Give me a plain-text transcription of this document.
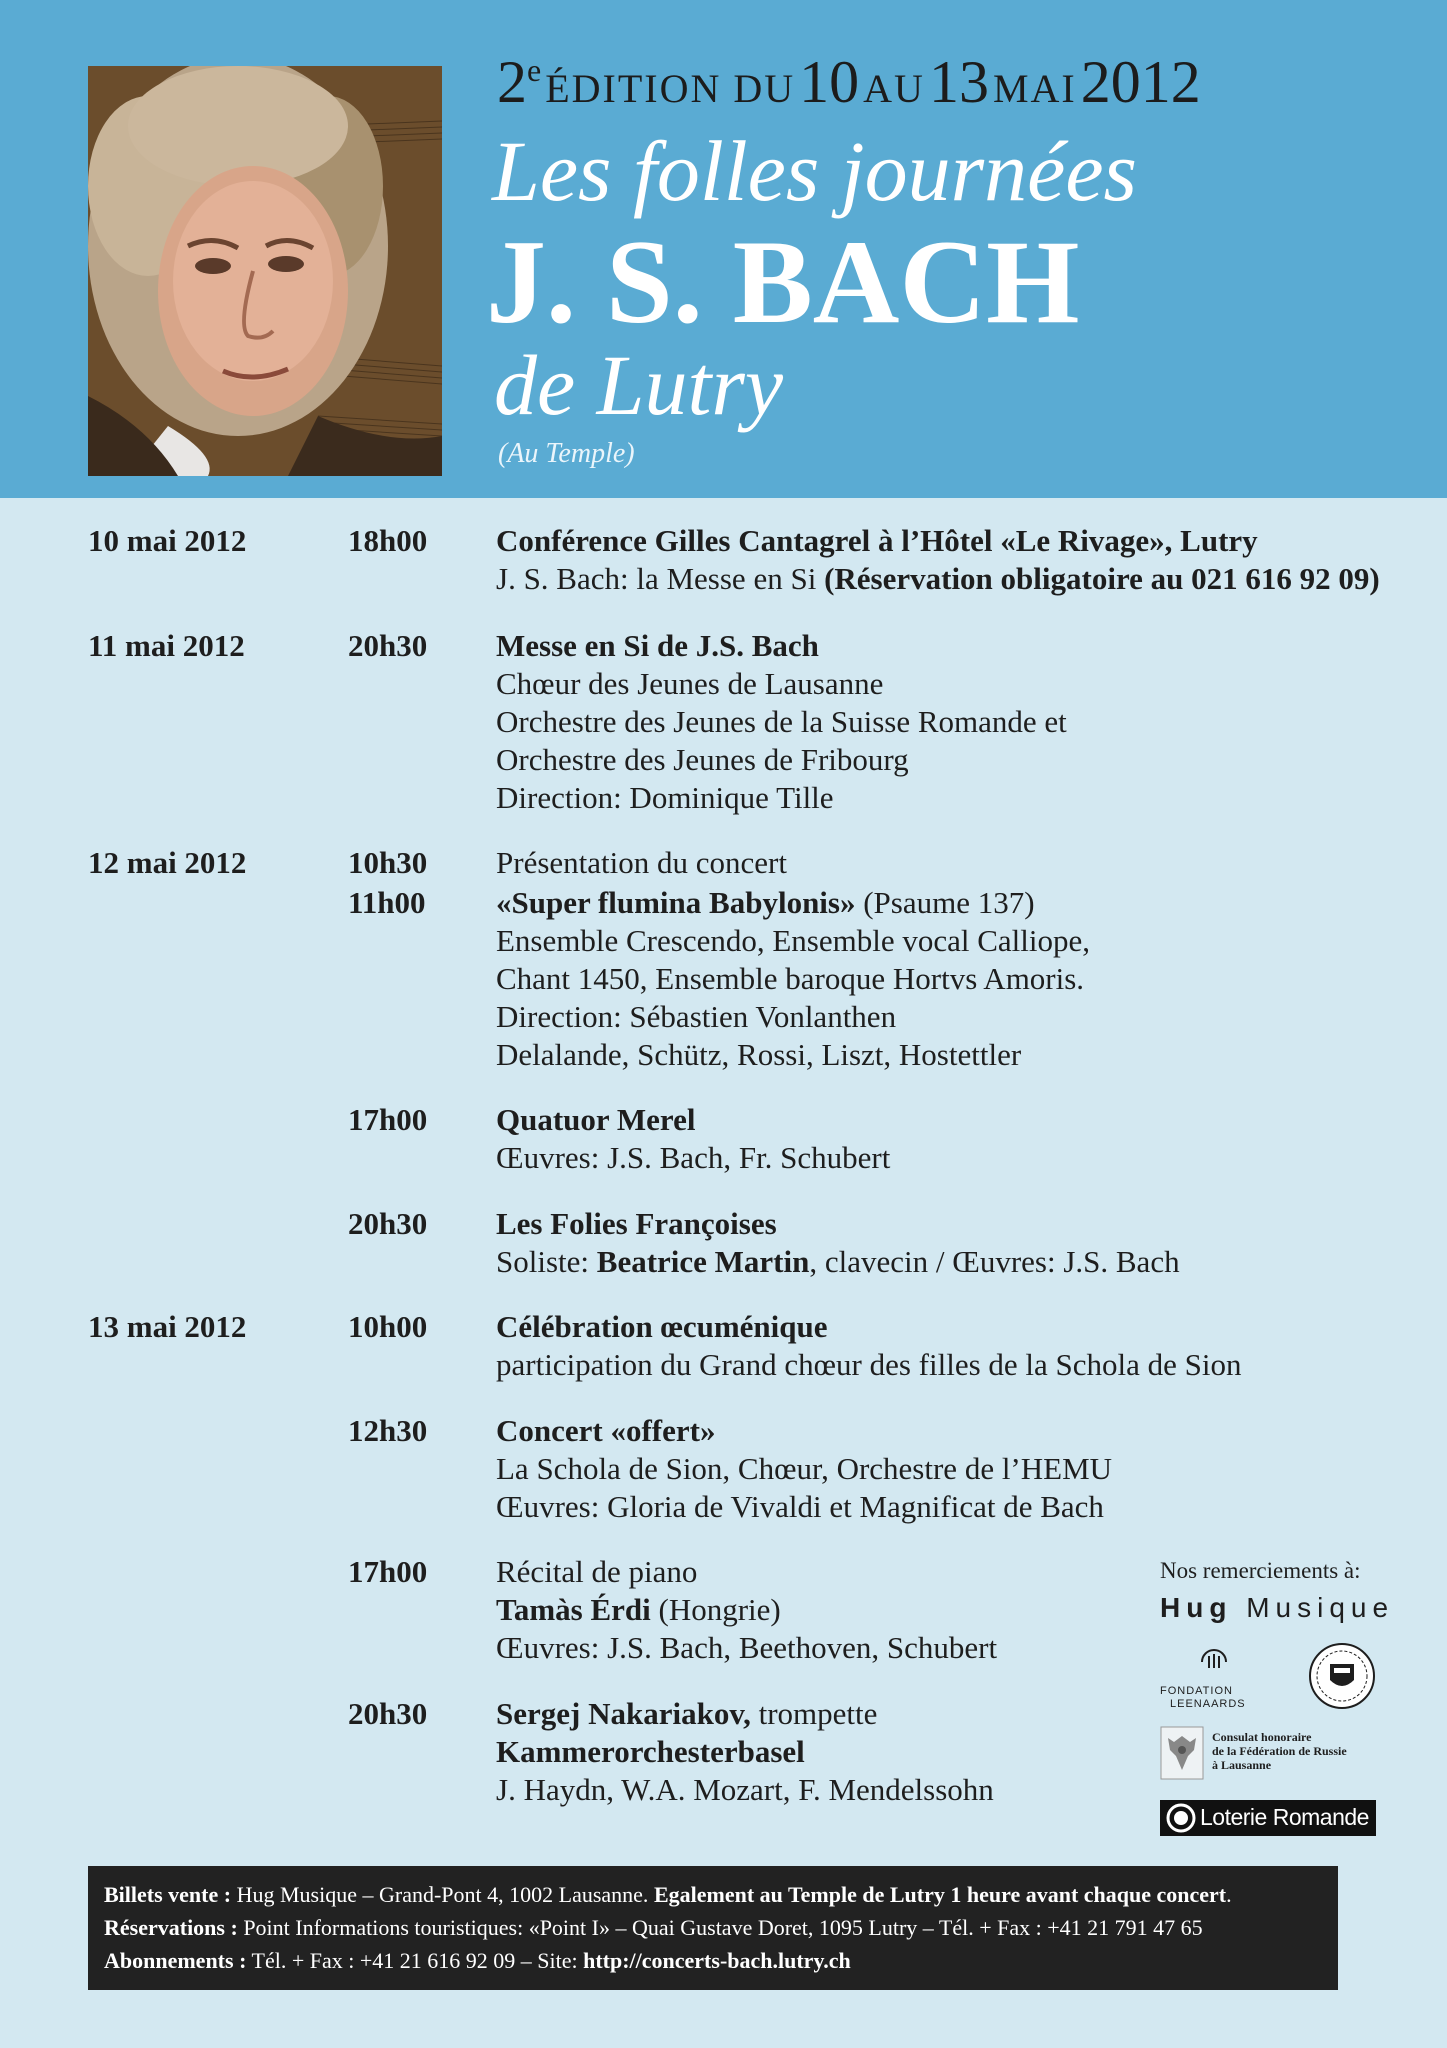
2e ÉDITION DU 10 AU 13 MAI 2012
Les folles journées
J. S. BACH
de Lutry
(Au Temple)
10 mai 2012	18h00 Conférence Gilles Cantagrel à l’Hôtel «Le Rivage», Lutry
J. S. Bach: la Messe en Si (Réservation obligatoire au 021 616 92 09)
11 mai 2012	20h30 Messe en Si de J.S. Bach
Chœur des Jeunes de Lausanne
Orchestre des Jeunes de la Suisse Romande et
Orchestre des Jeunes de Fribourg
Direction: Dominique Tille
12 mai 2012	10h30 Présentation du concert
11h00 «Super flumina Babylonis» (Psaume 137)
Ensemble Crescendo, Ensemble vocal Calliope,
Chant 1450, Ensemble baroque Hortvs Amoris.
Direction: Sébastien Vonlanthen
Delalande, Schütz, Rossi, Liszt, Hostettler
17h00 Quatuor Merel
Œuvres: J.S. Bach, Fr. Schubert
20h30 Les Folies Françoises
Soliste: Beatrice Martin, clavecin / Œuvres: J.S. Bach
13 mai 2012	10h00 Célébration œcuménique
participation du Grand chœur des filles de la Schola de Sion
12h30 Concert «offert»
La Schola de Sion, Chœur, Orchestre de l’HEMU
Œuvres: Gloria de Vivaldi et Magnificat de Bach
17h00 Récital de piano
Tamàs Érdi (Hongrie)
Œuvres: J.S. Bach, Beethoven, Schubert
20h30 Sergej Nakariakov, trompette
Kammerorchesterbasel
J. Haydn, W.A. Mozart, F. Mendelssohn
Nos remerciements à:
Hug Musique
FONDATION
LEENAARDS
Consulat honoraire
de la Fédération de Russie
à Lausanne
Loterie Romande
Billets vente : Hug Musique – Grand-Pont 4, 1002 Lausanne. Egalement au Temple de Lutry 1 heure avant chaque concert.
Réservations : Point Informations touristiques: «Point I» – Quai Gustave Doret, 1095 Lutry – Tél. + Fax : +41 21 791 47 65
Abonnements : Tél. + Fax : +41 21 616 92 09 – Site: http://concerts-bach.lutry.ch
